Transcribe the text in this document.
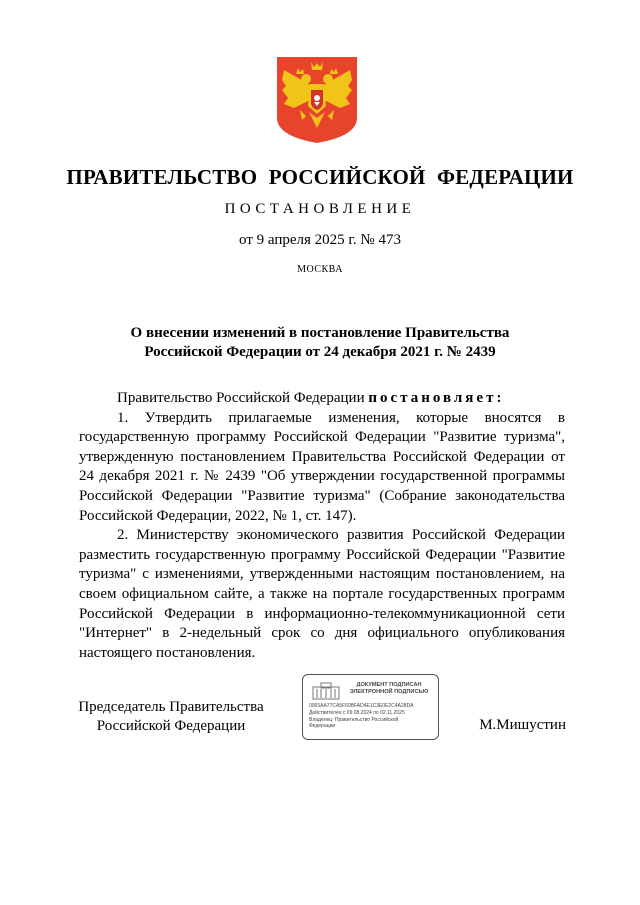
ПРАВИТЕЛЬСТВО РОССИЙСКОЙ ФЕДЕРАЦИИ
ПОСТАНОВЛЕНИЕ
от 9 апреля 2025 г. № 473
МОСКВА
О внесении изменений в постановление Правительства
Российской Федерации от 24 декабря 2021 г. № 2439

Правительство Российской Федерации постановляет:

1. Утвердить прилагаемые изменения, которые вносятся в государственную программу Российской Федерации "Развитие туризма", утвержденную постановлением Правительства Российской Федерации от 24 декабря 2021 г. № 2439 "Об утверждении государственной программы Российской Федерации "Развитие туризма" (Собрание законодательства Российской Федерации, 2022, № 1, ст. 147).

2. Министерству экономического развития Российской Федерации разместить государственную программу Российской Федерации "Развитие туризма" с изменениями, утвержденными настоящим постановлением, на своем официальном сайте, а также на портале государственных программ Российской Федерации в информационно-телекоммуникационной сети "Интернет" в 2-недельный срок со дня официального опубликования настоящего постановления.

Председатель Правительства
Российской Федерации
ДОКУМЕНТ ПОДПИСАН
ЭЛЕКТРОННОЙ ПОДПИСЬЮ
0065AA77CA5F60BFAD4E1C3E0E2C4A28DA
Действителен с 09.08.2024 по 02.11.2025
Владелец: Правительство Российской
Федерации	М.Мишустин
